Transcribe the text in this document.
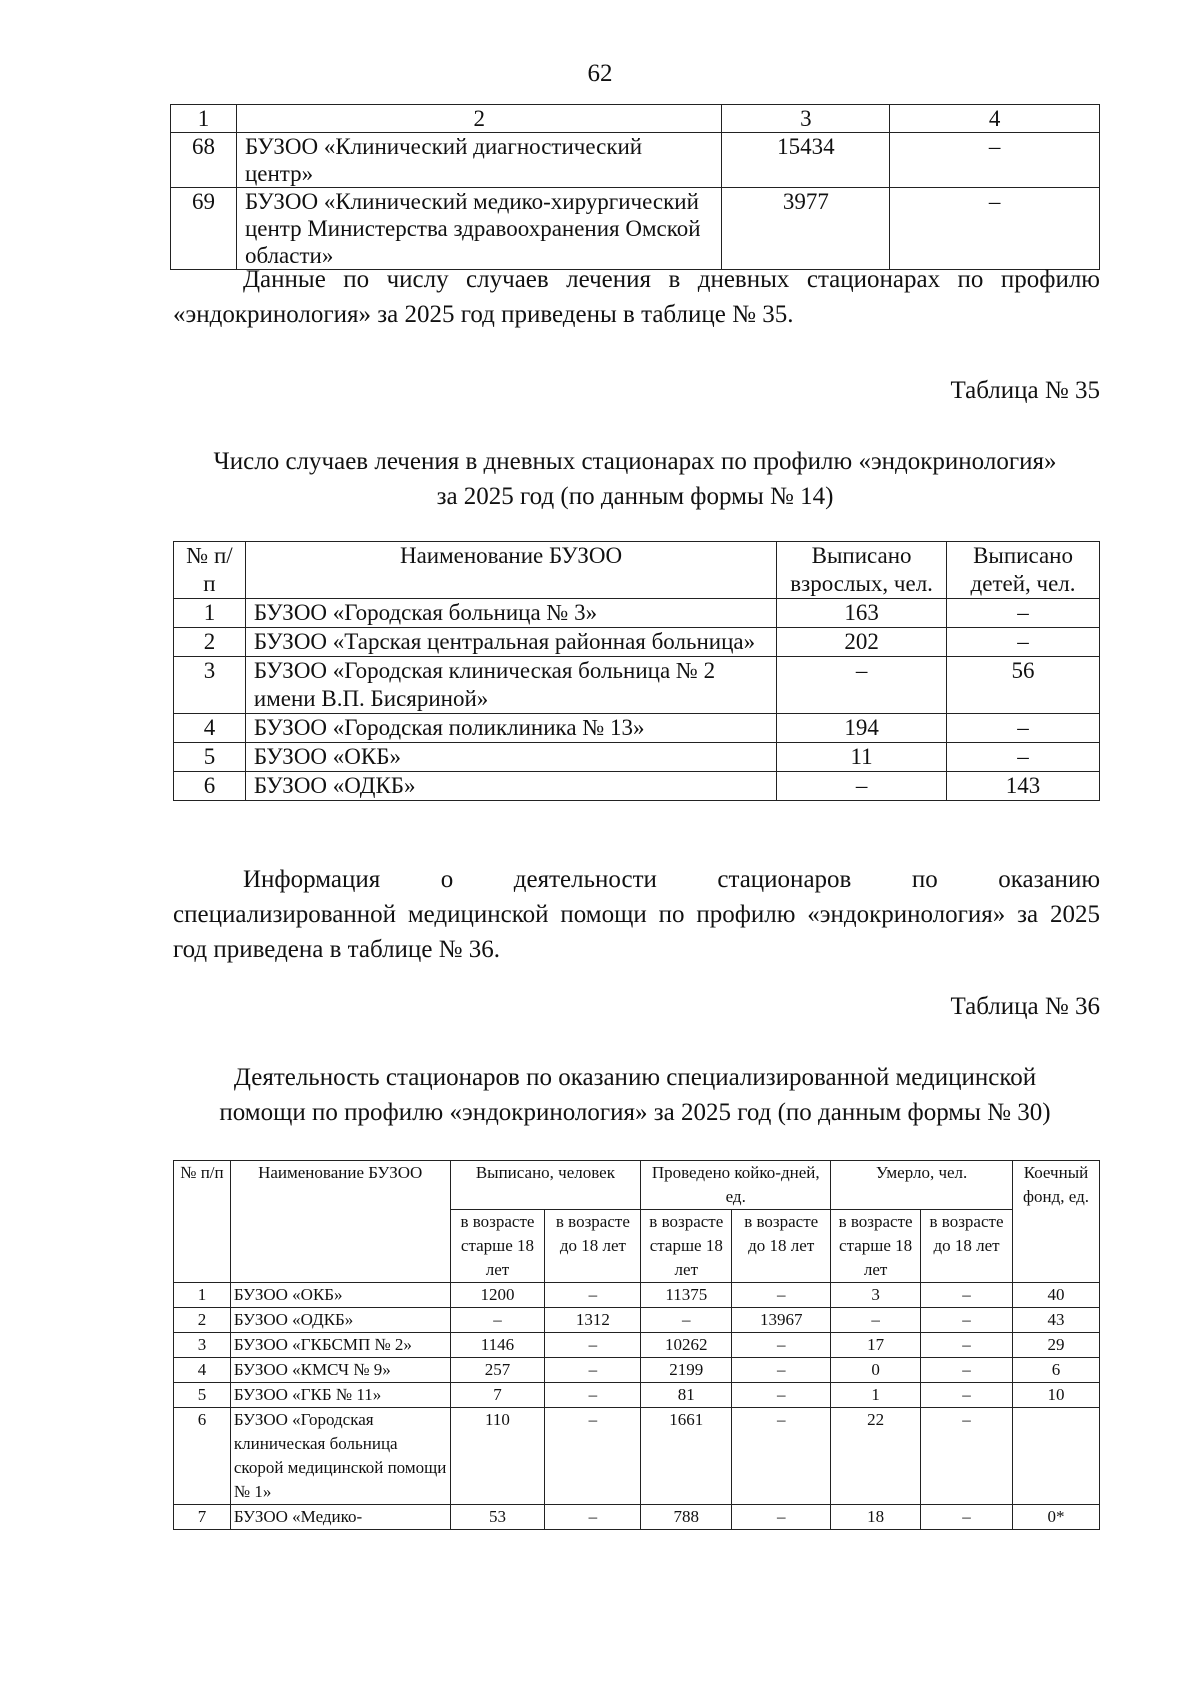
62
1	2	3	4
68	БУЗОО «Клинический диагностический центр»	15434	–
69	БУЗОО «Клинический медико-хирургический центр Министерства здравоохранения Омской области»	3977	–

Данные по числу случаев лечения в дневных стационарах по профилю «эндокринология» за 2025 год приведены в таблице № 35.

Таблица № 35
Число случаев лечения в дневных стационарах по профилю «эндокринология»
за 2025 год (по данным формы № 14)
№ п/п	Наименование БУЗОО	Выписано взрослых, чел.	Выписано детей, чел.
1	БУЗОО «Городская больница № 3»	163	–
2	БУЗОО «Тарская центральная районная больница»	202	–
3	БУЗОО «Городская клиническая больница № 2 имени В.П. Бисяриной»	–	56
4	БУЗОО «Городская поликлиника № 13»	194	–
5	БУЗОО «ОКБ»	11	–
6	БУЗОО «ОДКБ»	–	143
Информация о деятельности стационаров по оказанию
специализированной медицинской помощи по профилю «эндокринология» за 2025 год приведена в таблице № 36.
Таблица № 36
Деятельность стационаров по оказанию специализированной медицинской
помощи по профилю «эндокринология» за 2025 год (по данным формы № 30)
№ п/п	Наименование БУЗОО	Выписано, человек		Проведено койко-дней, ед.		Умерло, чел.		Коечный фонд, ед.
		в возрасте старше 18 лет	в возрасте до 18 лет	в возрасте старше 18 лет	в возрасте до 18 лет	в возрасте старше 18 лет	в возрасте до 18 лет	
1	БУЗОО «ОКБ»	1200	–	11375	–	3	–	40
2	БУЗОО «ОДКБ»	–	1312	–	13967	–	–	43
3	БУЗОО «ГКБСМП № 2»	1146	–	10262	–	17	–	29
4	БУЗОО «КМСЧ № 9»	257	–	2199	–	0	–	6
5	БУЗОО «ГКБ № 11»	7	–	81	–	1	–	10
6	БУЗОО «Городская клиническая больница скорой медицинской помощи № 1»	110	–	1661	–	22	–	
7	БУЗОО «Медико-	53	–	788	–	18	–	0*
